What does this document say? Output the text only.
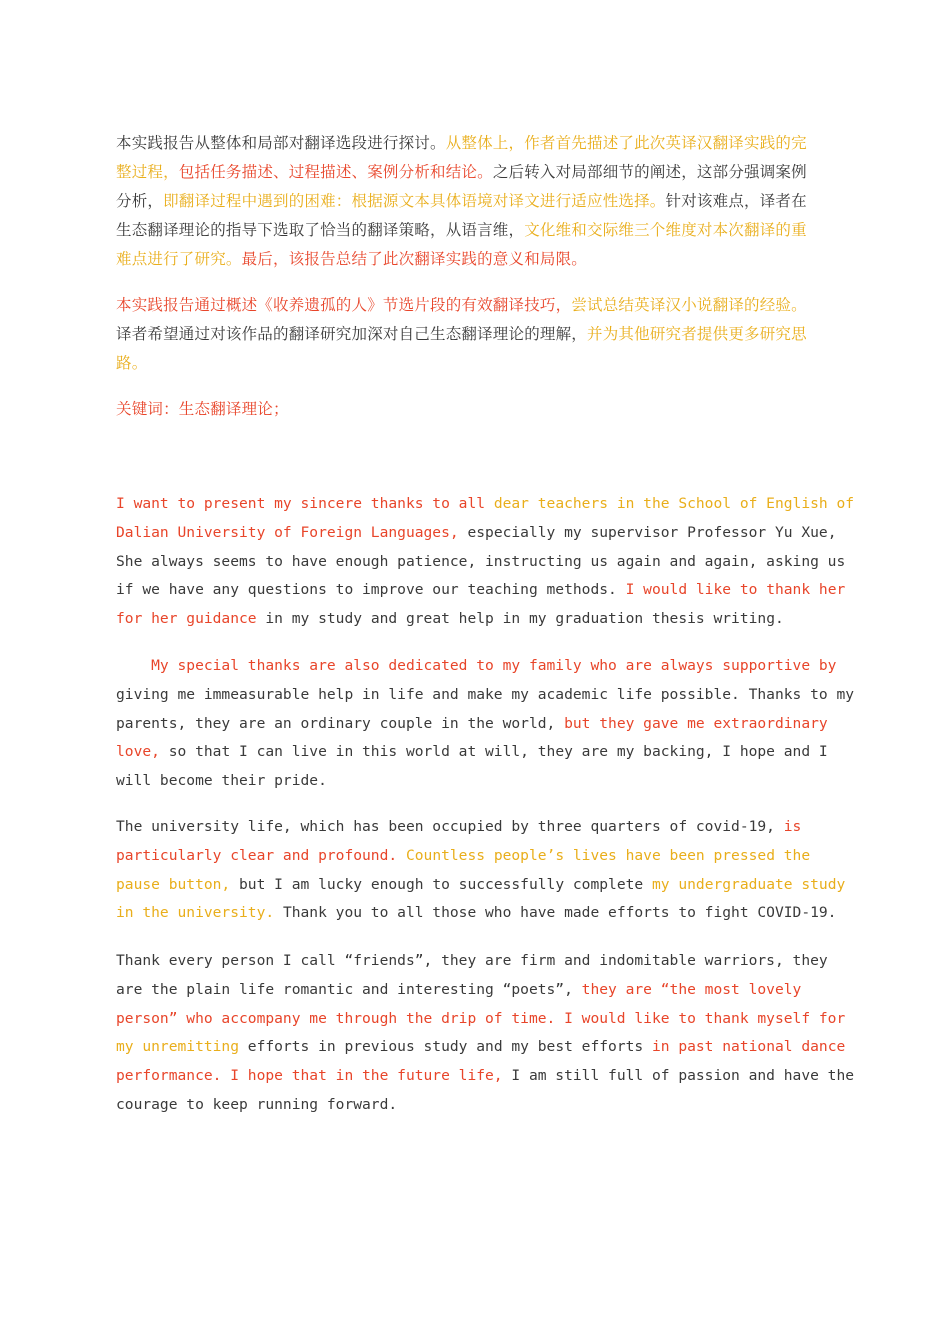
本实践报告从整体和局部对翻译选段进行探讨。从整体上，作者首先描述了此次英译汉翻译实践的完整过程，包括任务描述、过程描述、案例分析和结论。之后转入对局部细节的阐述，这部分强调案例分析，即翻译过程中遇到的困难：根据源文本具体语境对译文进行适应性选择。针对该难点，译者在生态翻译理论的指导下选取了恰当的翻译策略，从语言维，文化维和交际维三个维度对本次翻译的重难点进行了研究。最后，该报告总结了此次翻译实践的意义和局限。

本实践报告通过概述《收养遗孤的人》节选片段的有效翻译技巧，尝试总结英译汉小说翻译的经验。译者希望通过对该作品的翻译研究加深对自己生态翻译理论的理解，并为其他研究者提供更多研究思路。

关键词：生态翻译理论；

I want to present my sincere thanks to all dear teachers in the School of English of
Dalian University of Foreign Languages, especially my supervisor Professor Yu Xue,
She always seems to have enough patience, instructing us again and again, asking us
if we have any questions to improve our teaching methods. I would like to thank her
for her guidance in my study and great help in my graduation thesis writing.
My special thanks are also dedicated to my family who are always supportive by
giving me immeasurable help in life and make my academic life possible. Thanks to my
parents, they are an ordinary couple in the world, but they gave me extraordinary
love, so that I can live in this world at will, they are my backing, I hope and I
will become their pride.
The university life, which has been occupied by three quarters of covid-19, is
particularly clear and profound. Countless people’s lives have been pressed the
pause button, but I am lucky enough to successfully complete my undergraduate study
in the university. Thank you to all those who have made efforts to fight COVID-19.
Thank every person I call “friends”, they are firm and indomitable warriors, they
are the plain life romantic and interesting “poets”, they are “the most lovely
person” who accompany me through the drip of time. I would like to thank myself for
my unremitting efforts in previous study and my best efforts in past national dance
performance. I hope that in the future life, I am still full of passion and have the
courage to keep running forward.
